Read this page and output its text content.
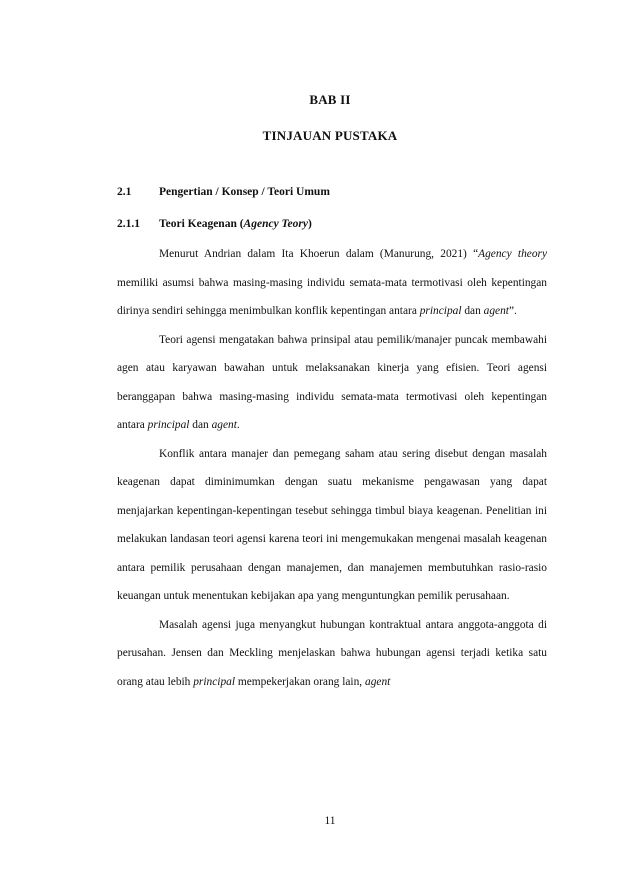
BAB II
TINJAUAN PUSTAKA
2.1 Pengertian / Konsep / Teori Umum
2.1.1 Teori Keagenan (Agency Teory)

Menurut Andrian dalam Ita Khoerun dalam (Manurung, 2021) “Agency theory memiliki asumsi bahwa masing-masing individu semata-mata termotivasi oleh kepentingan dirinya sendiri sehingga menimbulkan konflik kepentingan antara principal dan agent”.

Teori agensi mengatakan bahwa prinsipal atau pemilik/manajer puncak membawahi agen atau karyawan bawahan untuk melaksanakan kinerja yang efisien. Teori agensi beranggapan bahwa masing-masing individu semata-mata termotivasi oleh kepentingan antara principal dan agent.

Konflik antara manajer dan pemegang saham atau sering disebut dengan masalah keagenan dapat diminimumkan dengan suatu mekanisme pengawasan yang dapat menjajarkan kepentingan-kepentingan tesebut sehingga timbul biaya keagenan. Penelitian ini melakukan landasan teori agensi karena teori ini mengemukakan mengenai masalah keagenan antara pemilik perusahaan dengan manajemen, dan manajemen membutuhkan rasio-rasio keuangan untuk menentukan kebijakan apa yang menguntungkan pemilik perusahaan.

Masalah agensi juga menyangkut hubungan kontraktual antara anggota-anggota di perusahan. Jensen dan Meckling menjelaskan bahwa hubungan agensi terjadi ketika satu orang atau lebih principal mempekerjakan orang lain, agent

11
